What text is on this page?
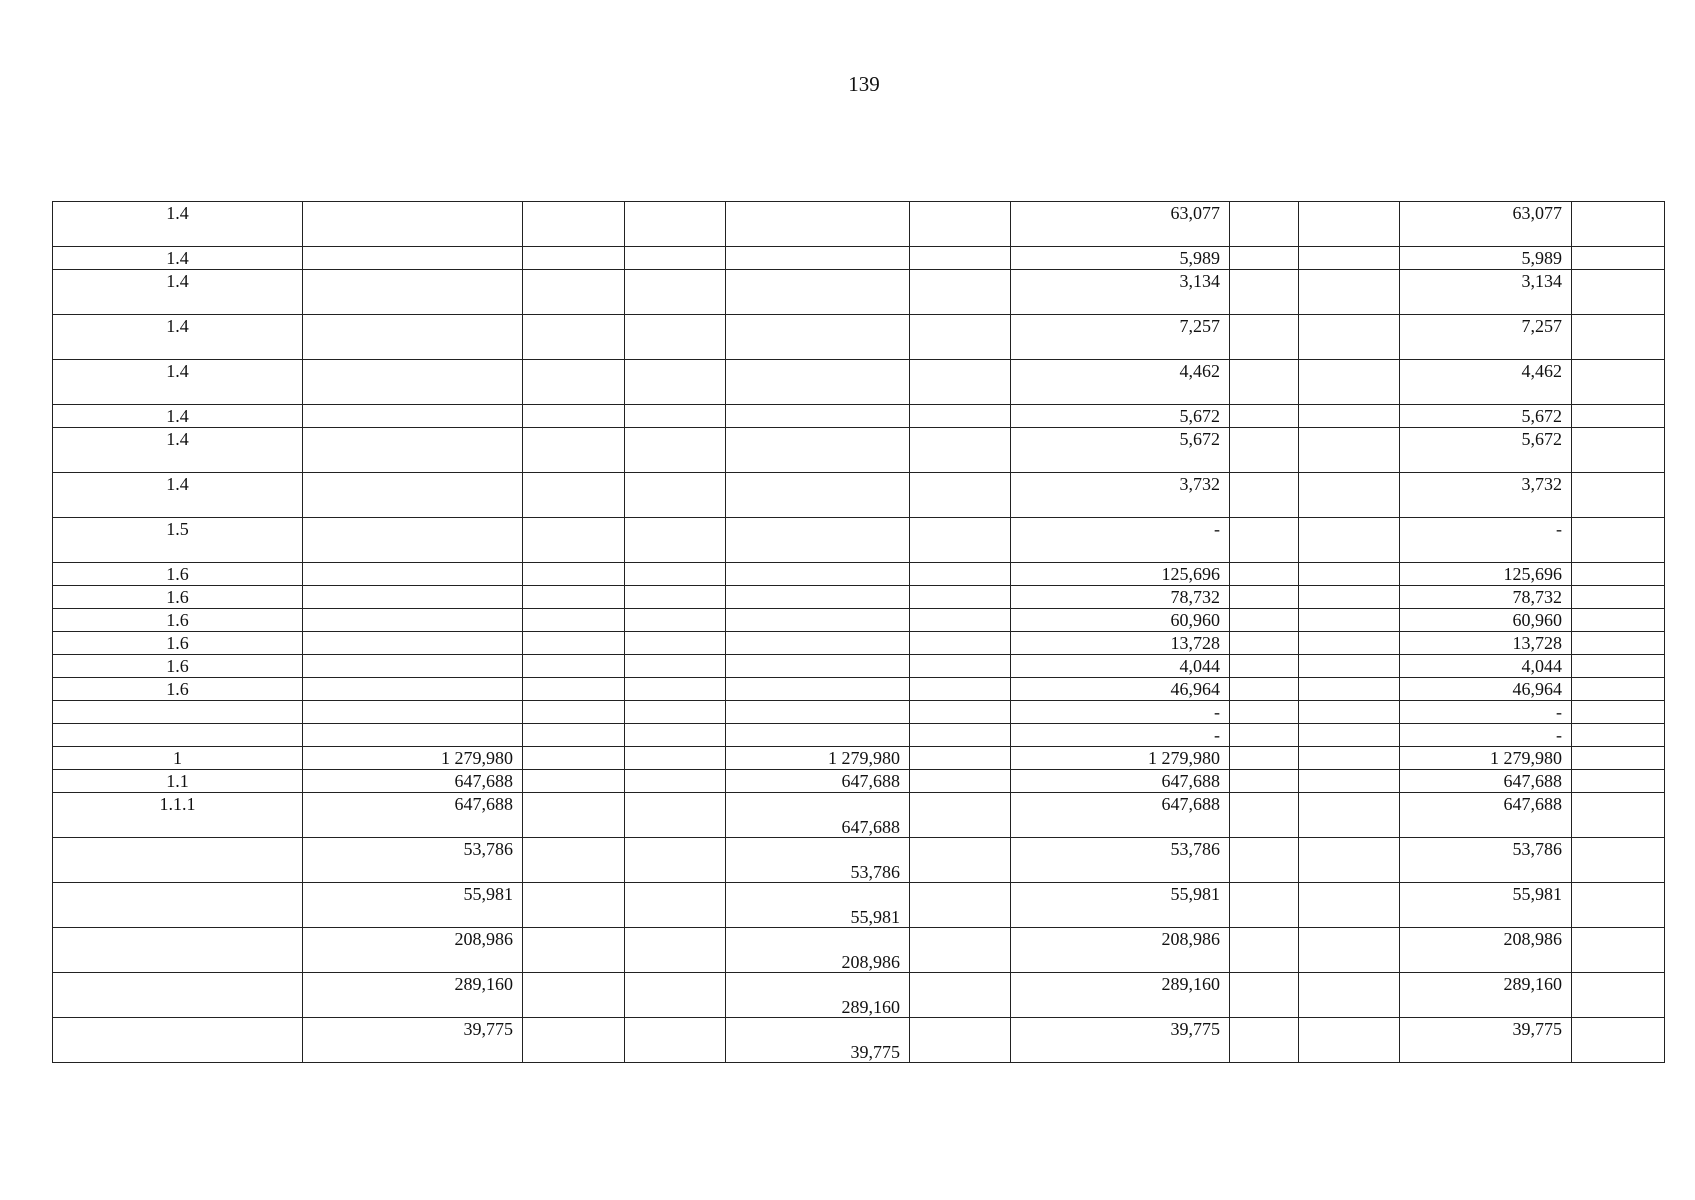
139
1.4						63,077			63,077	
1.4						5,989			5,989	
1.4						3,134			3,134	
1.4						7,257			7,257	
1.4						4,462			4,462	
1.4						5,672			5,672	
1.4						5,672			5,672	
1.4						3,732			3,732	
1.5						-			-	
1.6						125,696			125,696	
1.6						78,732			78,732	
1.6						60,960			60,960	
1.6						13,728			13,728	
1.6						4,044			4,044	
1.6						46,964			46,964	
						-			-	
						-			-	
1	1 279,980			1 279,980		1 279,980			1 279,980	
1.1	647,688			647,688		647,688			647,688	
1.1.1	647,688			647,688		647,688			647,688	
	53,786			53,786		53,786			53,786	
	55,981			55,981		55,981			55,981	
	208,986			208,986		208,986			208,986	
	289,160			289,160		289,160			289,160	
	39,775			39,775		39,775			39,775	
